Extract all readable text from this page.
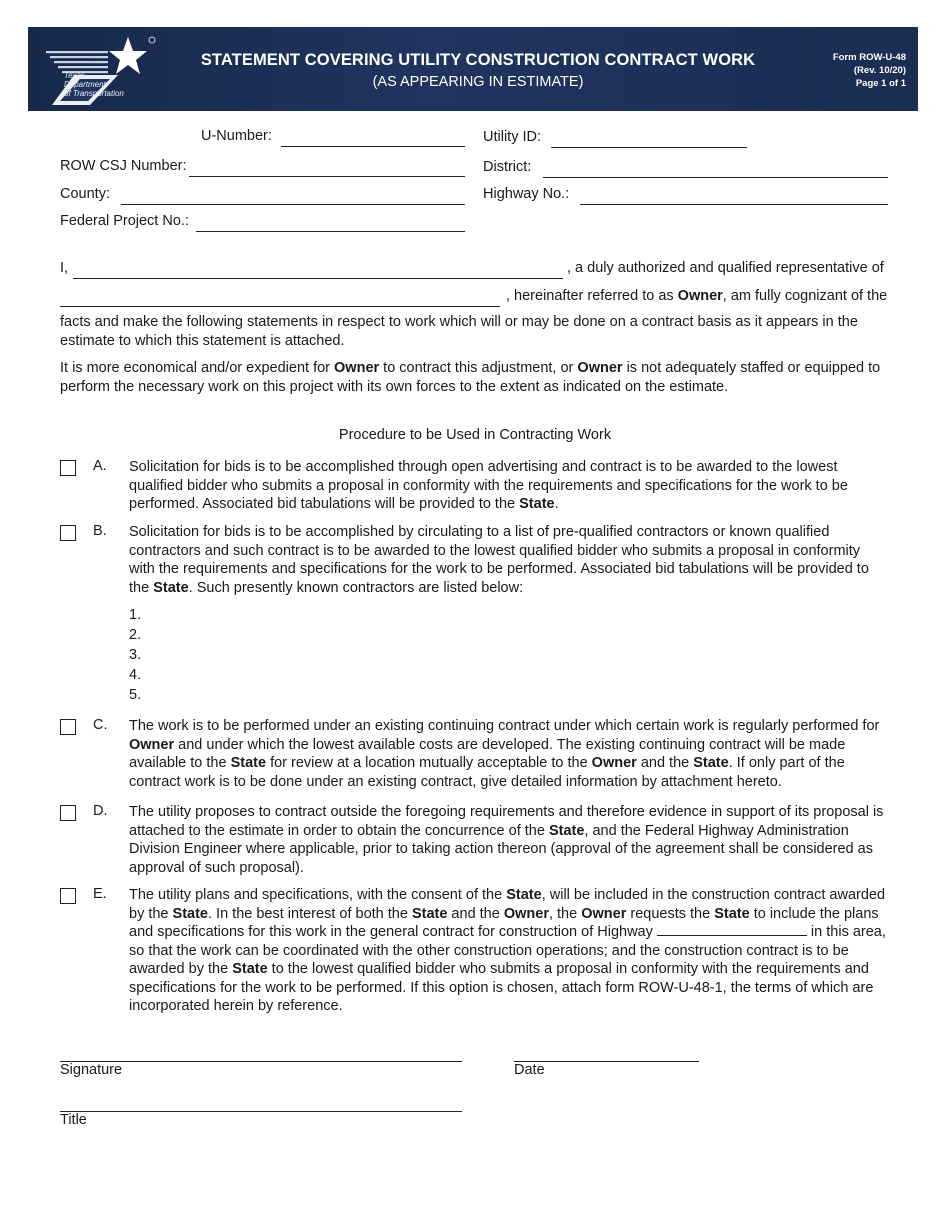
Texas
Department
of Transportation
STATEMENT COVERING UTILITY CONSTRUCTION CONTRACT WORK
(AS APPEARING IN ESTIMATE)
Form ROW-U-48
(Rev. 10/20)
Page 1 of 1
U-Number:	Utility ID:
ROW CSJ Number:	District:
County:	Highway No.:
Federal Project No.:
I,	, a duly authorized and qualified representative of
, hereinafter referred to as Owner, am fully cognizant of the
facts and make the following statements in respect to work which will or may be done on a contract basis as it appears in the estimate to which this statement is attached.
It is more economical and/or expedient for Owner to contract this adjustment, or Owner is not adequately staffed or equipped to perform the necessary work on this project with its own forces to the extent as indicated on the estimate.
Procedure to be Used in Contracting Work
A. Solicitation for bids is to be accomplished through open advertising and contract is to be awarded to the lowest qualified bidder who submits a proposal in conformity with the requirements and specifications for the work to be performed. Associated bid tabulations will be provided to the State.
B. Solicitation for bids is to be accomplished by circulating to a list of pre-qualified contractors or known qualified contractors and such contract is to be awarded to the lowest qualified bidder who submits a proposal in conformity with the requirements and specifications for the work to be performed. Associated bid tabulations will be provided to the State. Such presently known contractors are listed below:
1.
2.
3.
4.
5.
C. The work is to be performed under an existing continuing contract under which certain work is regularly performed for Owner and under which the lowest available costs are developed. The existing continuing contract will be made available to the State for review at a location mutually acceptable to the Owner and the State. If only part of the contract work is to be done under an existing contract, give detailed information by attachment hereto.
D. The utility proposes to contract outside the foregoing requirements and therefore evidence in support of its proposal is attached to the estimate in order to obtain the concurrence of the State, and the Federal Highway Administration Division Engineer where applicable, prior to taking action thereon (approval of the agreement shall be considered as approval of such proposal).
E. The utility plans and specifications, with the consent of the State, will be included in the construction contract awarded by the State. In the best interest of both the State and the Owner, the Owner requests the State to include the plans and specifications for this work in the general contract for construction of Highway	in this area, so that the work can be coordinated with the other construction operations; and the construction contract is to be awarded by the State to the lowest qualified bidder who submits a proposal in conformity with the requirements and specifications for the work to be performed. If this option is chosen, attach form ROW-U-48-1, the terms of which are incorporated herein by reference.
Signature	Date
Title
